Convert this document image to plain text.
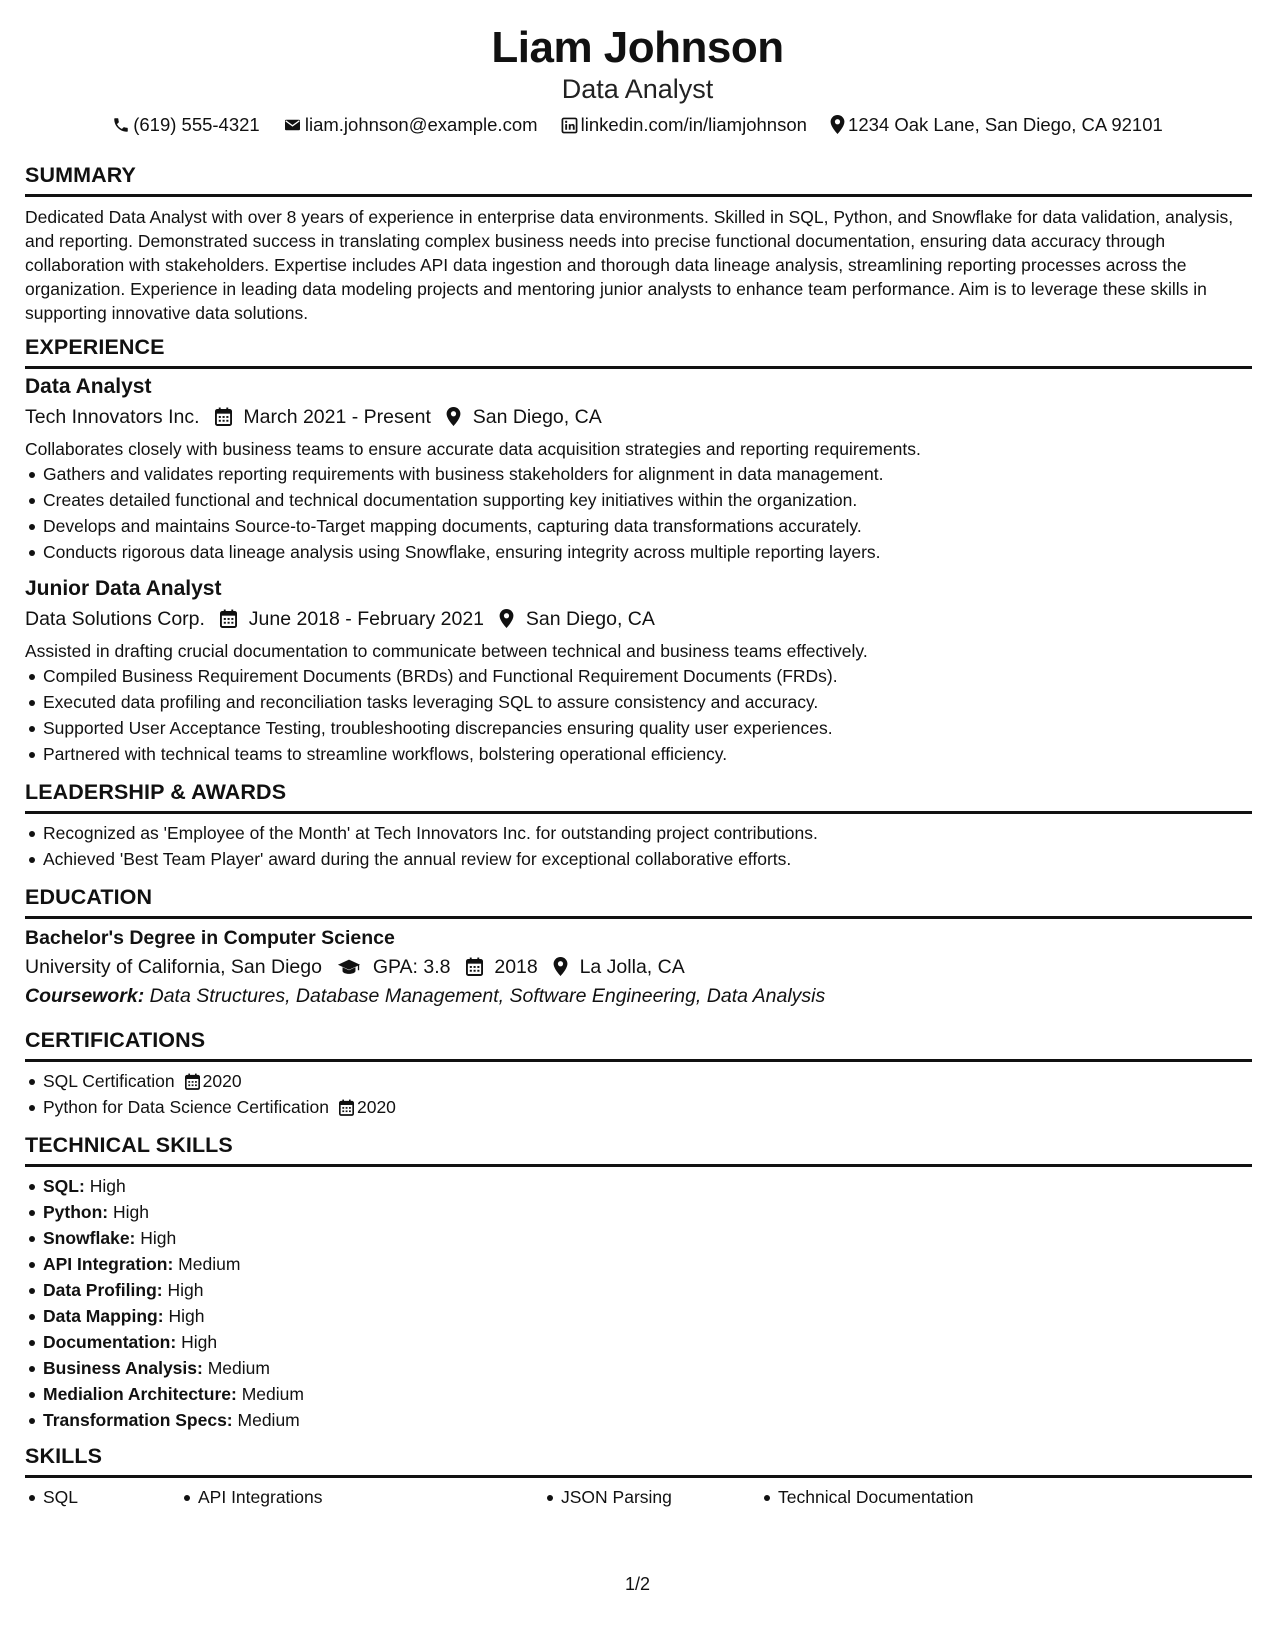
Liam Johnson
Data Analyst
(619) 555-4321 liam.johnson@example.com linkedin.com/in/liamjohnson 1234 Oak Lane, San Diego, CA 92101
SUMMARY
Dedicated Data Analyst with over 8 years of experience in enterprise data environments. Skilled in SQL, Python, and Snowflake for data validation, analysis, and reporting. Demonstrated success in translating complex business needs into precise functional documentation, ensuring data accuracy through collaboration with stakeholders. Expertise includes API data ingestion and thorough data lineage analysis, streamlining reporting processes across the organization. Experience in leading data modeling projects and mentoring junior analysts to enhance team performance. Aim is to leverage these skills in supporting innovative data solutions.
EXPERIENCE
Data Analyst
Tech Innovators Inc. March 2021 - Present San Diego, CA
Collaborates closely with business teams to ensure accurate data acquisition strategies and reporting requirements.
Gathers and validates reporting requirements with business stakeholders for alignment in data management.
Creates detailed functional and technical documentation supporting key initiatives within the organization.
Develops and maintains Source-to-Target mapping documents, capturing data transformations accurately.
Conducts rigorous data lineage analysis using Snowflake, ensuring integrity across multiple reporting layers.
Junior Data Analyst
Data Solutions Corp. June 2018 - February 2021 San Diego, CA
Assisted in drafting crucial documentation to communicate between technical and business teams effectively.
Compiled Business Requirement Documents (BRDs) and Functional Requirement Documents (FRDs).
Executed data profiling and reconciliation tasks leveraging SQL to assure consistency and accuracy.
Supported User Acceptance Testing, troubleshooting discrepancies ensuring quality user experiences.
Partnered with technical teams to streamline workflows, bolstering operational efficiency.
LEADERSHIP & AWARDS
Recognized as 'Employee of the Month' at Tech Innovators Inc. for outstanding project contributions.
Achieved 'Best Team Player' award during the annual review for exceptional collaborative efforts.
EDUCATION
Bachelor's Degree in Computer Science
University of California, San Diego	GPA: 3.8 2018 La Jolla, CA
Coursework: Data Structures, Database Management, Software Engineering, Data Analysis
CERTIFICATIONS
SQL Certification 2020
Python for Data Science Certification 2020
TECHNICAL SKILLS
SQL: High
Python: High
Snowflake: High
API Integration: Medium
Data Profiling: High
Data Mapping: High
Documentation: High
Business Analysis: Medium
Medialion Architecture: Medium
Transformation Specs: Medium
SKILLS
SQL	API Integrations	JSON Parsing	Technical Documentation
1/2
